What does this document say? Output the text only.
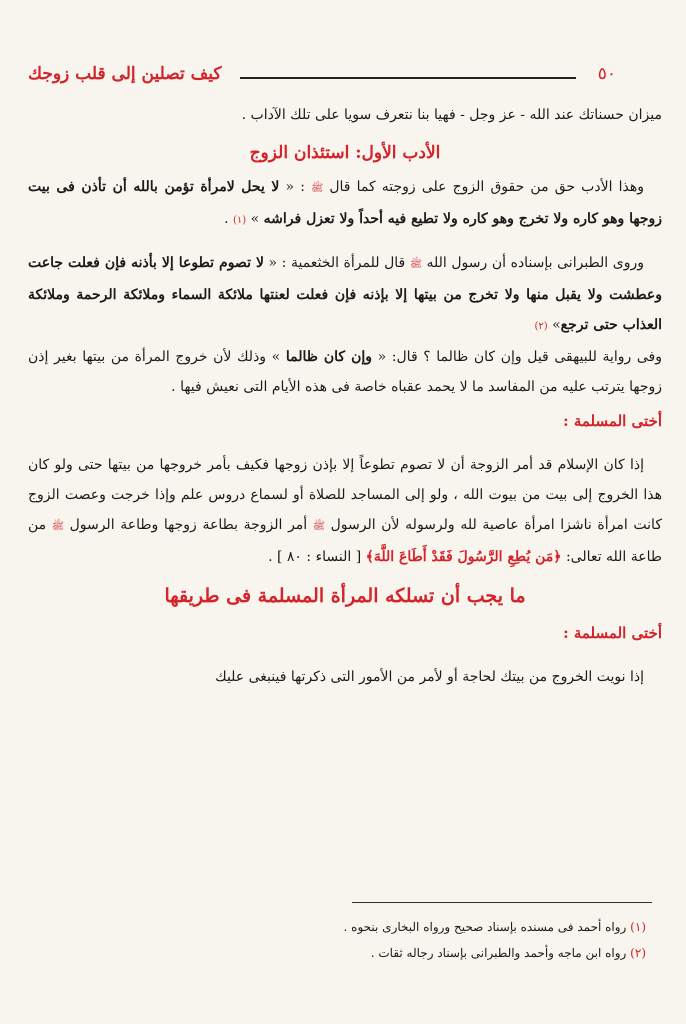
٥٠
كيف تصلين إلى قلب زوجك

ميزان حسناتك عند الله - عز وجل - فهيا بنا نتعرف سويا على تلك الآداب .

الأدب الأول: استئذان الزوج

وهذا الأدب حق من حقوق الزوج على زوجته كما قال ﷺ : « لا يحل لامرأة تؤمن بالله أن تأذن فى بيت زوجها وهو كاره ولا تخرج وهو كاره ولا تطيع فيه أحداً ولا تعزل فراشه » (١) .

وروى الطبرانى بإسناده أن رسول الله ﷺ قال للمرأة الخثعمية : « لا تصوم تطوعا إلا بأذنه فإن فعلت جاعت وعطشت ولا يقبل منها ولا تخرج من بيتها إلا بإذنه فإن فعلت لعنتها ملائكة السماء وملائكة الرحمة وملائكة العذاب حتى ترجع» (٢)

وفى رواية للبيهقى قيل وإن كان ظالما ؟ قال: « وإن كان ظالما » وذلك لأن خروج المرأة من بيتها بغير إذن زوجها يترتب عليه من المفاسد ما لا يحمد عقباه خاصة فى هذه الأيام التى نعيش فيها .

أختى المسلمة :

إذا كان الإسلام قد أمر الزوجة أن لا تصوم تطوعاً إلا بإذن زوجها فكيف بأمر خروجها من بيتها حتى ولو كان هذا الخروج إلى بيت من بيوت الله ، ولو إلى المساجد للصلاة أو لسماع دروس علم وإذا خرجت وعصت الزوج كانت امرأة ناشزا امرأة عاصية لله ولرسوله لأن الرسول ﷺ أمر الزوجة بطاعة زوجها وطاعة الرسول ﷺ من طاعة الله تعالى: ﴿مَن يُطِعِ الرَّسُولَ فَقَدْ أَطَاعَ اللَّهَ﴾ [ النساء : ٨٠ ] .

ما يجب أن تسلكه المرأة المسلمة فى طريقها
أختى المسلمة :

إذا نويت الخروج من بيتك لحاجة أو لأمر من الأمور التى ذكرتها فينبغى عليك

(١) رواه أحمد فى مسنده بإسناد صحيح ورواه البخارى بنحوه .
(٢) رواه ابن ماجه وأحمد والطبرانى بإسناد رجاله ثقات .
